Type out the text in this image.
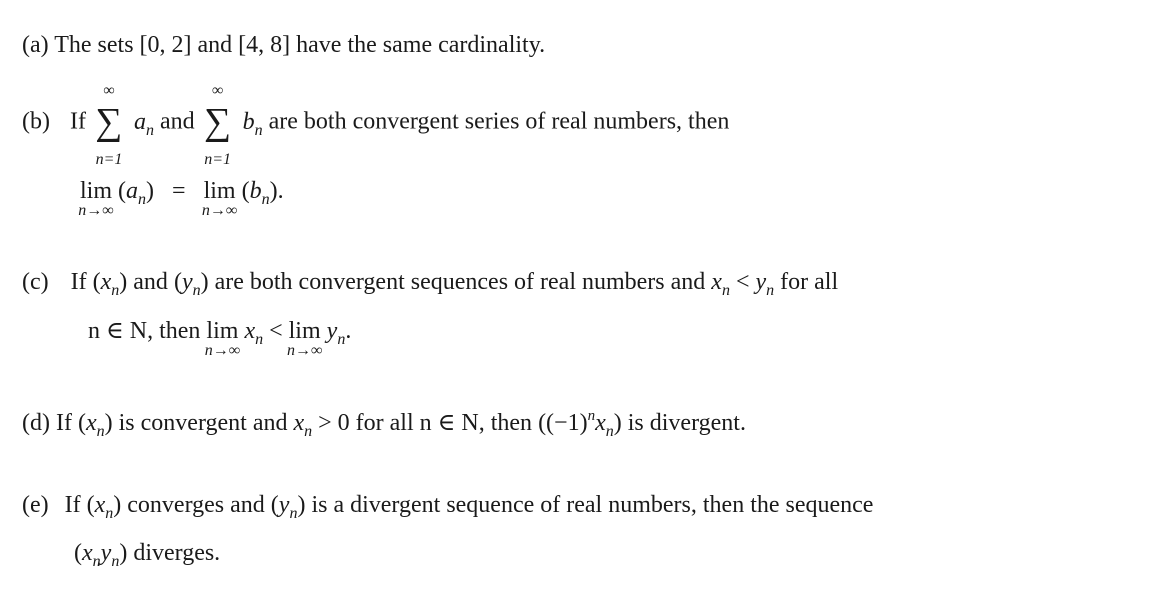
(a) The sets [0, 2] and [4, 8] have the same cardinality.
(b) If
∞
∑
n=1
$a_n$ and
∞
∑
n=1
$b_n$ are both convergent series of real numbers, then
lim
n→∞
$(a_n) = \lim$
n→∞
$(b_n)$.
(c) If $(x_n)$ and $(y_n)$ are both convergent sequences of real numbers and $x_n < y_n$ for all
n ∈ N, then lim
n→∞
$x_n < \lim$
n→∞
$y_n$.
(d) If $(x_n)$ is convergent and $x_n > 0$ for all n ∈ N, then $((-1)^nx_n)$ is divergent.
(e) If $(x_n)$ converges and $(y_n)$ is a divergent sequence of real numbers, then the sequence
$(x_ny_n)$ diverges.
